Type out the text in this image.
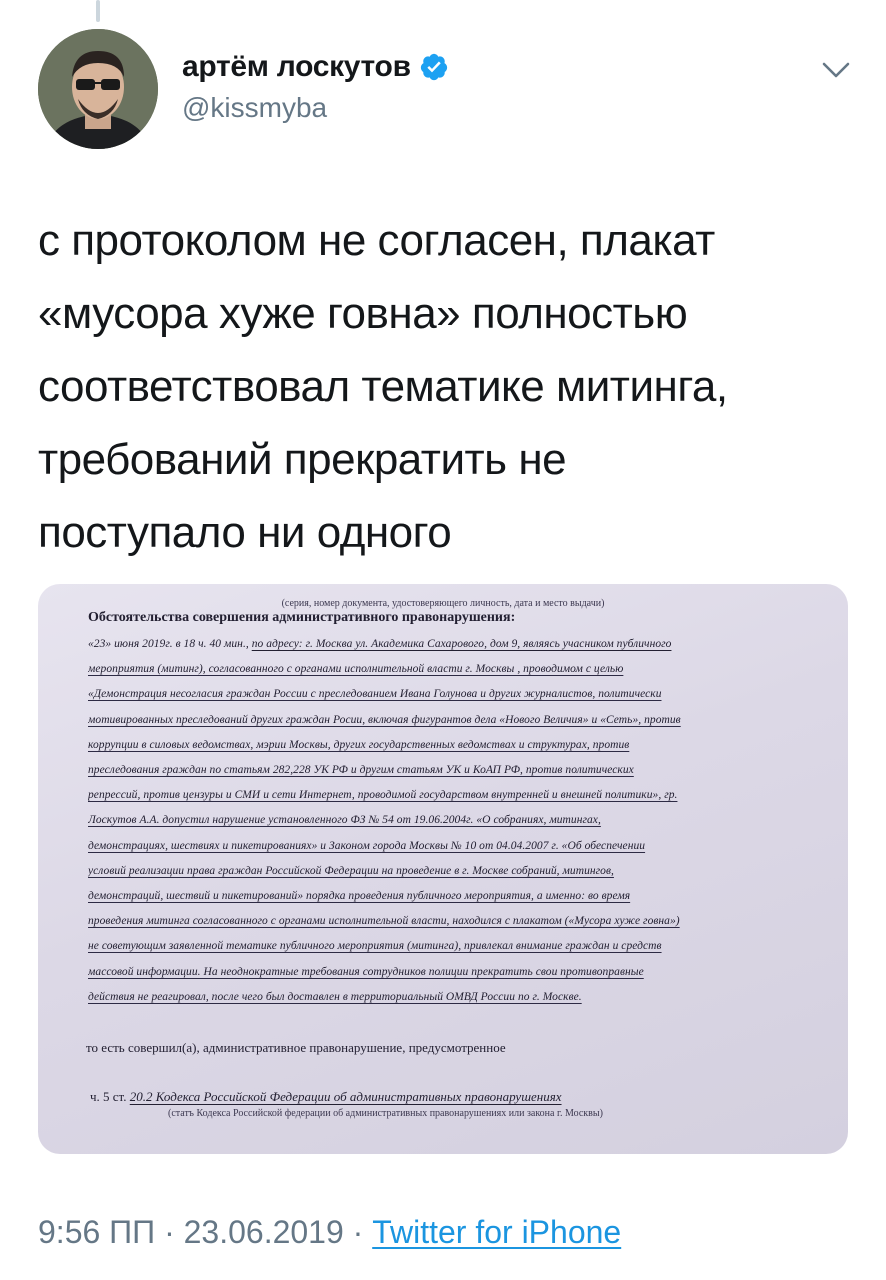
артём лоскутов
@kissmyba
с протоколом не согласен, плакат
«мусора хуже говна» полностью
соответствовал тематике митинга,
требований прекратить не
поступало ни одного
(серия, номер документа, удостоверяющего личность, дата и место выдачи)
Обстоятельства совершения административного правонарушения:
«23» июня 2019г. в 18 ч. 40 мин., по адресу: г. Москва ул. Академика Сахарового, дом 9, являясь учасником публичного
мероприятия (митинг), согласованного с органами исполнительной власти г. Москвы , проводимом с целью
«Демонстрация несогласия граждан России с преследованием Ивана Голунова и других журналистов, политически
мотивированных преследований других граждан Росии, включая фигурантов дела «Нового Величия» и «Сеть», против
коррупции в силовых ведомствах, мэрии Москвы, других государственных ведомствах и структурах, против
преследования граждан по статьям 282,228 УК РФ и другим статьям УК и КоАП РФ, против политических
репрессий, против цензуры и СМИ и сети Интернет, проводимой государством внутренней и внешней политики», гр.
Лоскутов А.А. допустил нарушение установленного ФЗ № 54 от 19.06.2004г. «О собраниях, митингах,
демонстрациях, шествиях и пикетированиях» и Законом города Москвы № 10 от 04.04.2007 г. «Об обеспечении
условий реализации права граждан Российской Федерации на проведение в г. Москве собраний, митингов,
демонстраций, шествий и пикетирований» порядка проведения публичного мероприятия, а именно: во время
проведения митинга согласованного с органами исполнительной власти, находился с плакатом («Мусора хуже говна»)
не советующим заявленной тематике публичного мероприятия (митинга), привлекал внимание граждан и средств
массовой информации. На неоднократные требования сотрудников полиции прекратить свои противоправные
действия не реагировал, после чего был доставлен в территориальный ОМВД России по г. Москве.
то есть совершил(а), административное правонарушение, предусмотренное
ч. 5 ст. 20.2 Кодекса Российской Федерации об административных правонарушениях
(статъ Кодекса Российской федерации об административных правонарушениях или закона г. Москвы)
9:56 ПП · 23.06.2019 · Twitter for iPhone
